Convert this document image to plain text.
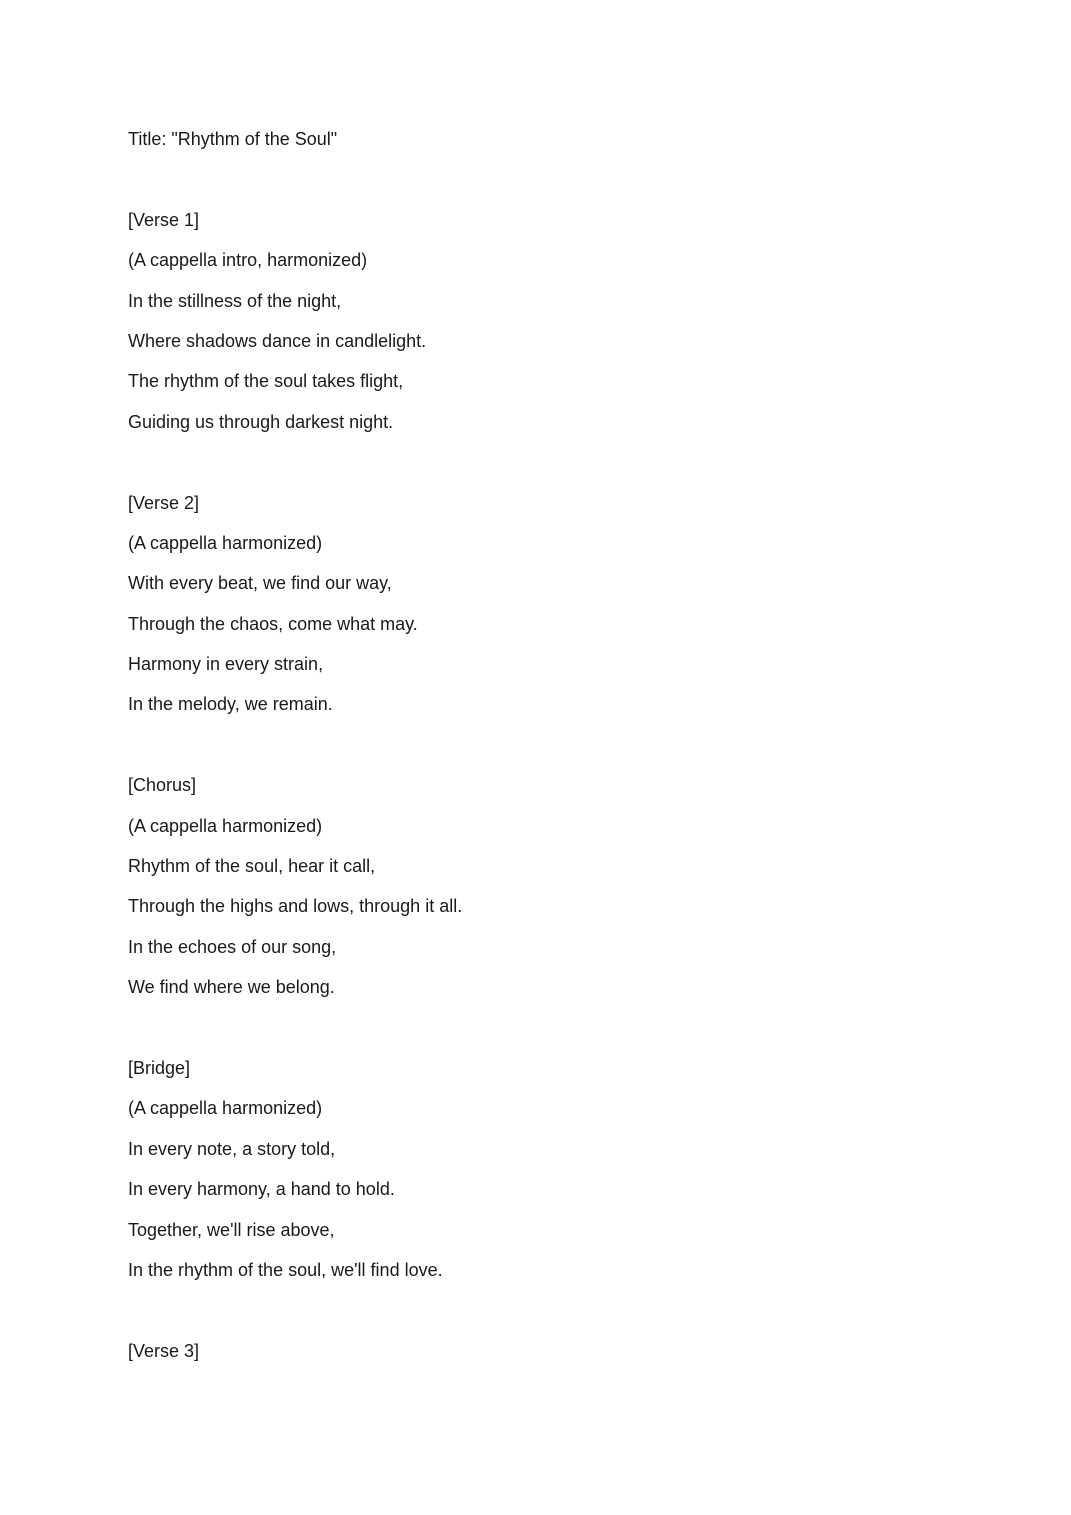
Title: "Rhythm of the Soul"
[Verse 1]
(A cappella intro, harmonized)
In the stillness of the night,
Where shadows dance in candlelight.
The rhythm of the soul takes flight,
Guiding us through darkest night.
[Verse 2]
(A cappella harmonized)
With every beat, we find our way,
Through the chaos, come what may.
Harmony in every strain,
In the melody, we remain.
[Chorus]
(A cappella harmonized)
Rhythm of the soul, hear it call,
Through the highs and lows, through it all.
In the echoes of our song,
We find where we belong.
[Bridge]
(A cappella harmonized)
In every note, a story told,
In every harmony, a hand to hold.
Together, we'll rise above,
In the rhythm of the soul, we'll find love.
[Verse 3]
